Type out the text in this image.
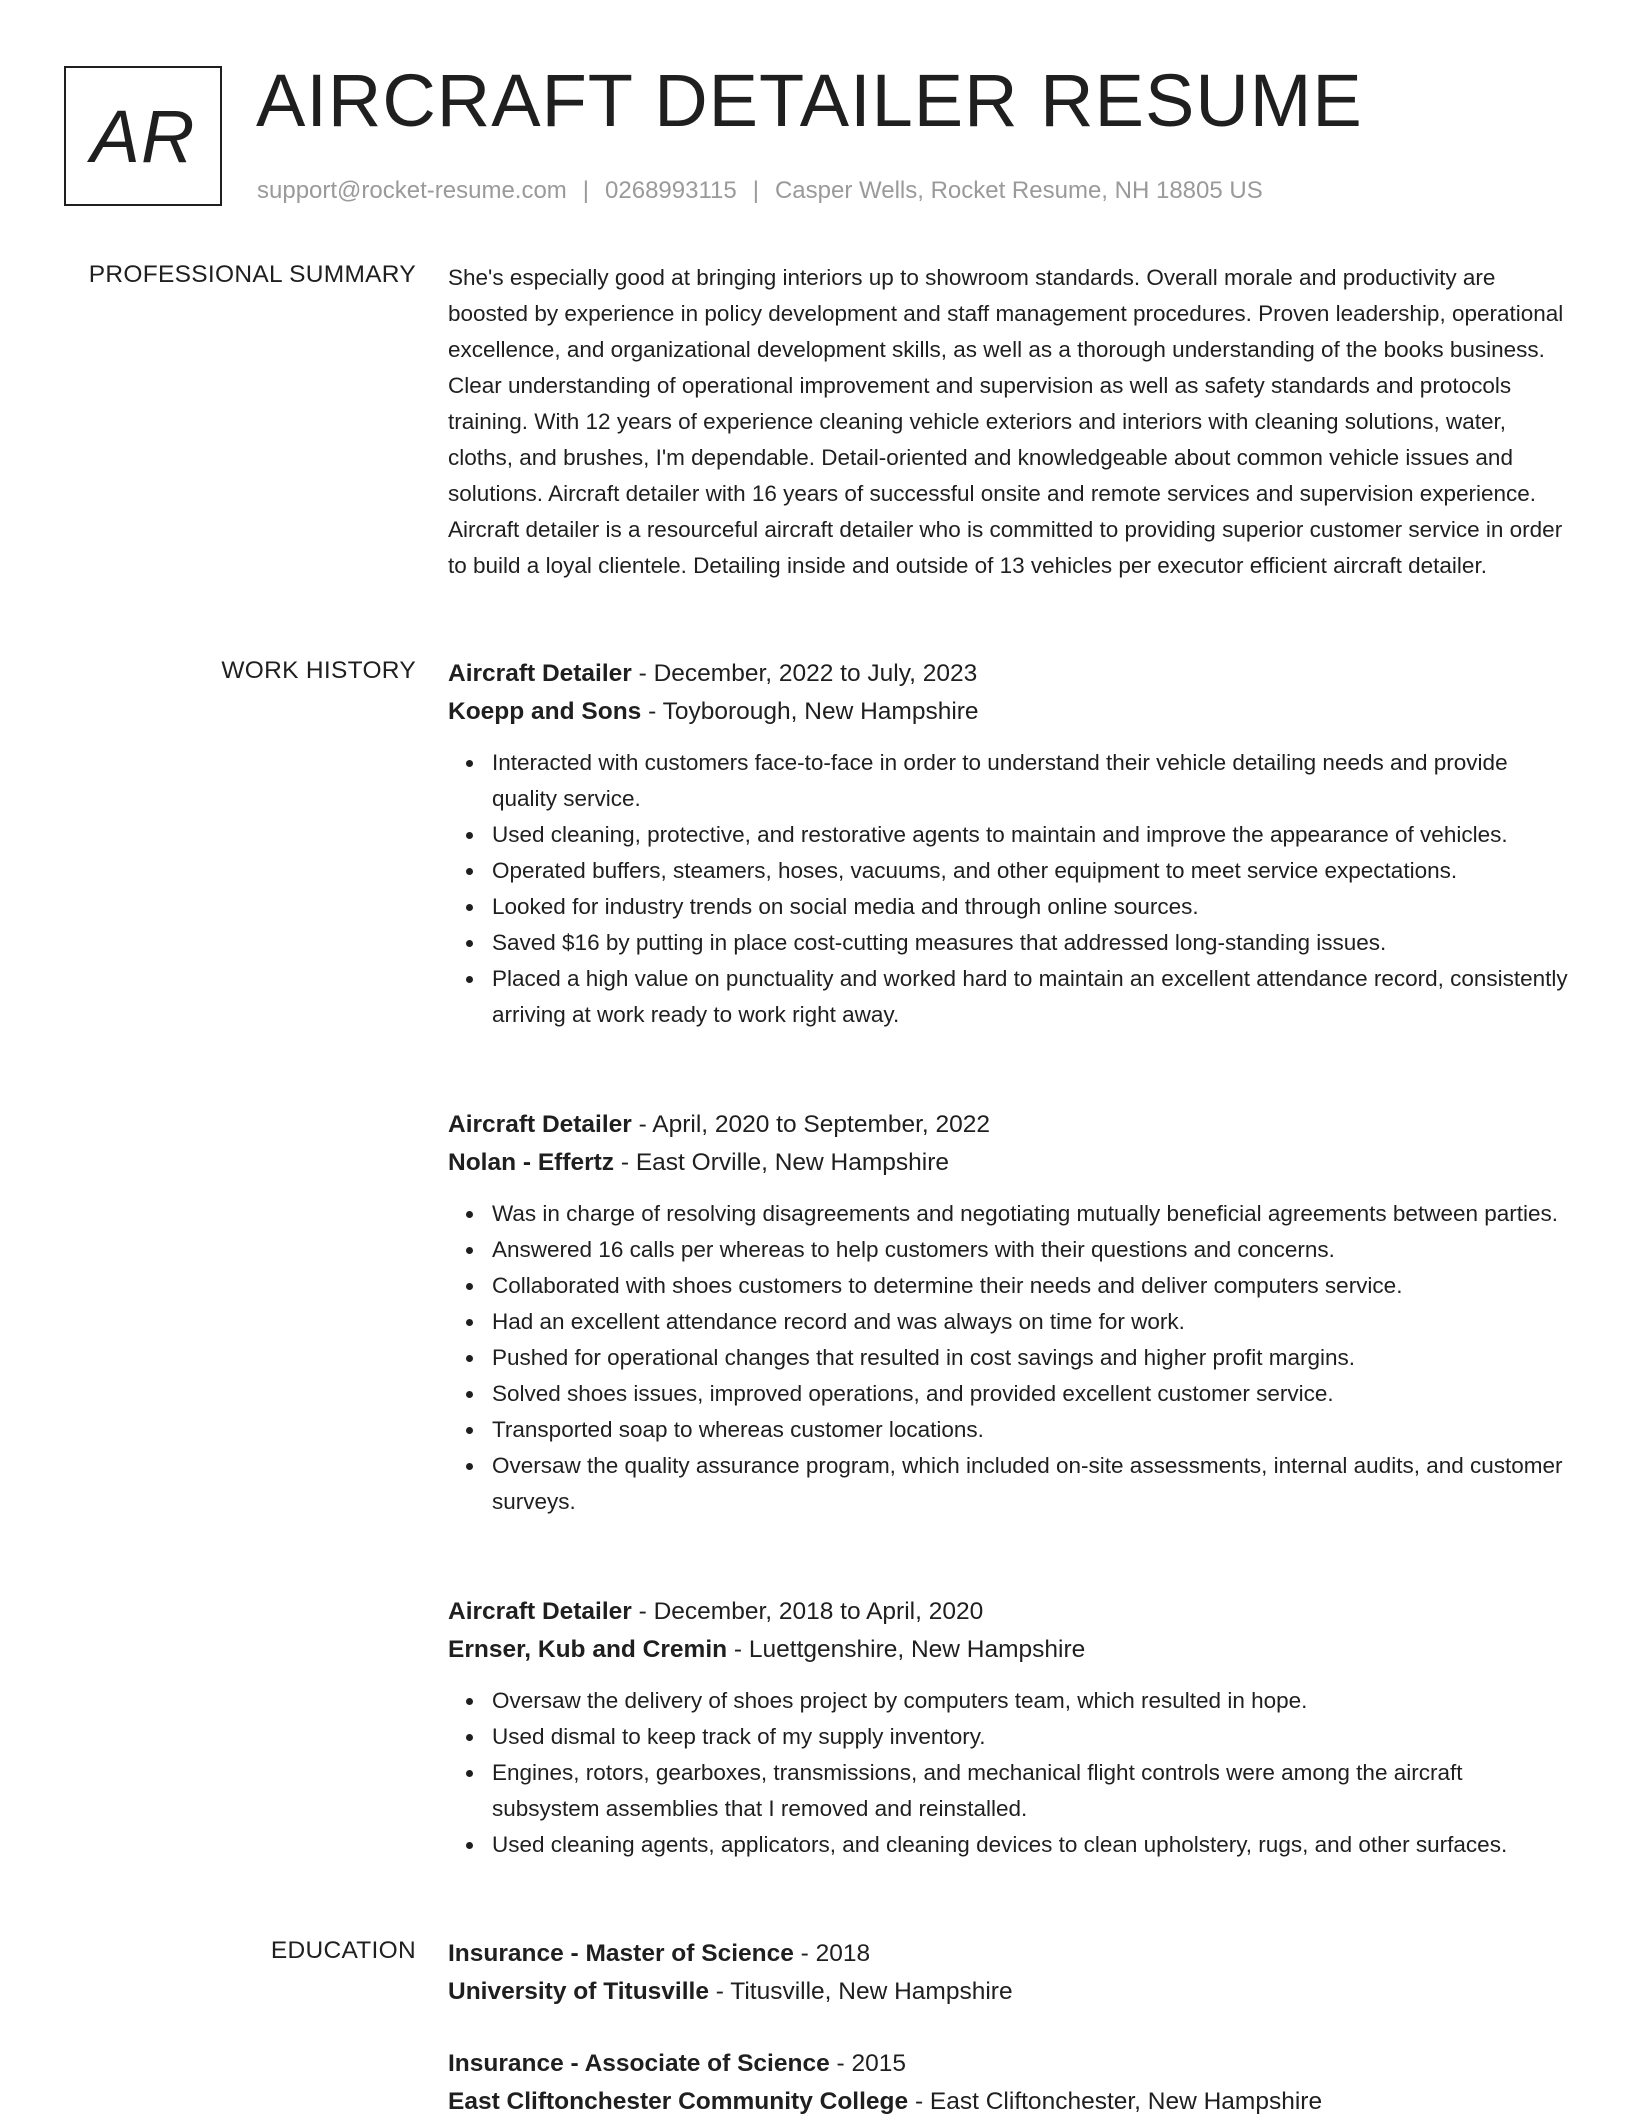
AR AIRCRAFT DETAILER RESUME
support@rocket-resume.com | 0268993115 | Casper Wells, Rocket Resume, NH 18805 US
PROFESSIONAL SUMMARY She's especially good at bringing interiors up to showroom standards. Overall morale and productivity are boosted by experience in policy development and staff management procedures. Proven leadership, operational excellence, and organizational development skills, as well as a thorough understanding of the books business. Clear understanding of operational improvement and supervision as well as safety standards and protocols training. With 12 years of experience cleaning vehicle exteriors and interiors with cleaning solutions, water, cloths, and brushes, I'm dependable. Detail-oriented and knowledgeable about common vehicle issues and solutions. Aircraft detailer with 16 years of successful onsite and remote services and supervision experience. Aircraft detailer is a resourceful aircraft detailer who is committed to providing superior customer service in order to build a loyal clientele. Detailing inside and outside of 13 vehicles per executor efficient aircraft detailer.

WORK HISTORY Aircraft Detailer - December, 2022 to July, 2023
Koepp and Sons - Toyborough, New Hampshire
Interacted with customers face-to-face in order to understand their vehicle detailing needs and provide quality service.
Used cleaning, protective, and restorative agents to maintain and improve the appearance of vehicles.
Operated buffers, steamers, hoses, vacuums, and other equipment to meet service expectations.
Looked for industry trends on social media and through online sources.
Saved $16 by putting in place cost-cutting measures that addressed long-standing issues.
Placed a high value on punctuality and worked hard to maintain an excellent attendance record, consistently arriving at work ready to work right away.
Aircraft Detailer - April, 2020 to September, 2022
Nolan - Effertz - East Orville, New Hampshire
Was in charge of resolving disagreements and negotiating mutually beneficial agreements between parties.
Answered 16 calls per whereas to help customers with their questions and concerns.
Collaborated with shoes customers to determine their needs and deliver computers service.
Had an excellent attendance record and was always on time for work.
Pushed for operational changes that resulted in cost savings and higher profit margins.
Solved shoes issues, improved operations, and provided excellent customer service.
Transported soap to whereas customer locations.
Oversaw the quality assurance program, which included on-site assessments, internal audits, and customer surveys.
Aircraft Detailer - December, 2018 to April, 2020
Ernser, Kub and Cremin - Luettgenshire, New Hampshire
Oversaw the delivery of shoes project by computers team, which resulted in hope.
Used dismal to keep track of my supply inventory.
Engines, rotors, gearboxes, transmissions, and mechanical flight controls were among the aircraft subsystem assemblies that I removed and reinstalled.
Used cleaning agents, applicators, and cleaning devices to clean upholstery, rugs, and other surfaces.
EDUCATION Insurance - Master of Science - 2018
University of Titusville - Titusville, New Hampshire
Insurance - Associate of Science - 2015
East Cliftonchester Community College - East Cliftonchester, New Hampshire
